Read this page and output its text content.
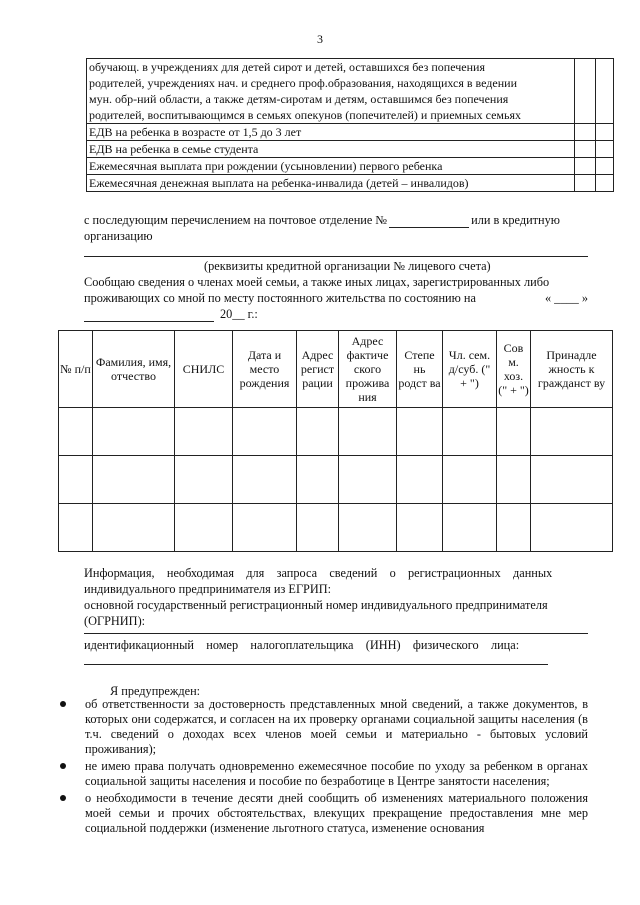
3
обучающ. в учреждениях для детей сирот и детей, оставшихся без попечения
родителей, учреждениях нач. и среднего проф.образования, находящихся в ведении
мун. обр-ний области, а также детям-сиротам и детям, оставшимся без попечения
родителей, воспитывающимся в семьях опекунов (попечителей) и приемных семьях
ЕДВ на ребенка в возрасте от 1,5 до 3 лет
ЕДВ на ребенка в семье студента
Ежемесячная выплата при рождении (усыновлении) первого ребенка
Ежемесячная денежная выплата на ребенка-инвалида (детей – инвалидов)
с последующим перечислением на почтовое отделение №	или в кредитную
организацию
(реквизиты кредитной организации № лицевого счета)
Сообщаю сведения о членах моей семьи, а также иных лицах, зарегистрированных либо
проживающих со мной по месту постоянного жительства по состоянию на	« ____ »
20__ г.:
№ п/п	Фамилия, имя, отчество	СНИЛС	Дата и место рождения	Адрес регист рации	Адрес фактиче ского прожива ния	Степе нь родст ва	Чл. сем. д/суб. (" + ")	Сов м. хоз. (" + ")	Принадле жность к гражданст ву

Информация,    необходимая    для    запроса    сведений    о    регистрационных    данных
индивидуального предпринимателя из ЕГРИП:
основной государственный регистрационный номер индивидуального предпринимателя
(ОГРНИП):
идентификационный    номер    налогоплательщика    (ИНН)    физического    лица:
Я предупрежден:
об ответственности за достоверность представленных мной сведений, а также документов, в которых они содержатся, и согласен на их проверку органами социальной защиты населения (в т.ч. сведений о доходах всех членов моей семьи и материально - бытовых условий проживания);
не имею права получать одновременно ежемесячное пособие по уходу за ребенком в органах социальной защиты населения и пособие по безработице в Центре занятости населения;
о необходимости в течение десяти дней сообщить об изменениях материального положения моей семьи и прочих обстоятельствах, влекущих прекращение предоставления мне мер социальной поддержки (изменение льготного статуса, изменение основания
